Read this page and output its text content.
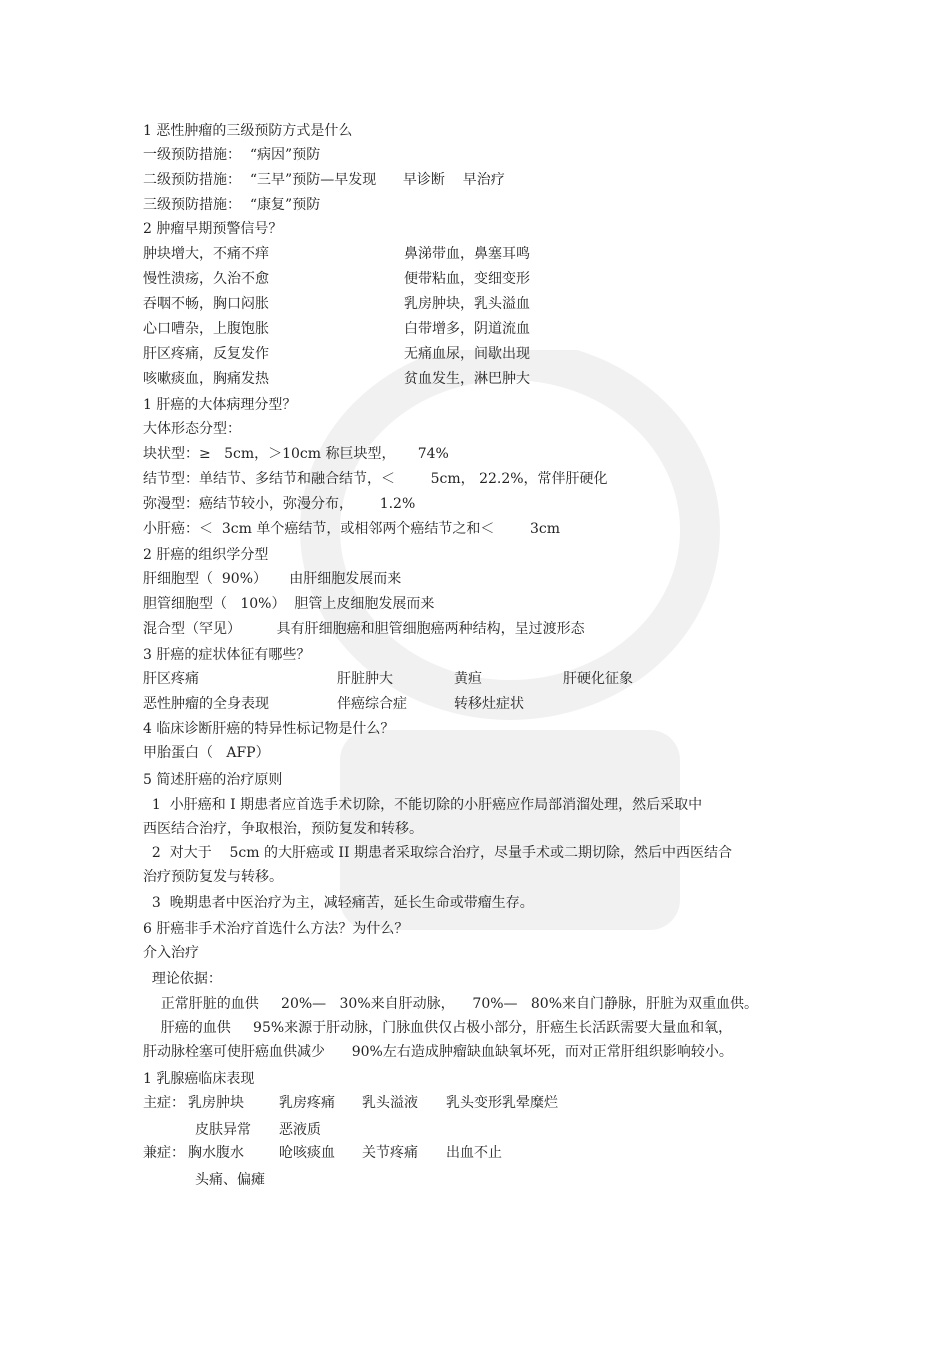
1 恶性肿瘤的三级预防方式是什么
一级预防措施：  “病因”预防
二级预防措施：  “三早”预防—早发现      早诊断    早治疗
三级预防措施：  “康复”预防
2 肿瘤早期预警信号？
肿块增大，不痛不痒	鼻涕带血，鼻塞耳鸣
慢性溃疡，久治不愈	便带粘血，变细变形
吞咽不畅，胸口闷胀	乳房肿块，乳头溢血
心口嘈杂，上腹饱胀	白带增多，阴道流血
肝区疼痛，反复发作	无痛血尿，间歇出现
咳嗽痰血，胸痛发热	贫血发生，淋巴肿大
1 肝癌的大体病理分型？
大体形态分型：
块状型：≥   5cm，＞10cm 称巨块型，     74%
结节型：单结节、多结节和融合结节，＜        5cm， 22.2%，常伴肝硬化
弥漫型：癌结节较小，弥漫分布，      1.2%
小肝癌：＜  3cm 单个癌结节，或相邻两个癌结节之和＜        3cm
2 肝癌的组织学分型
肝细胞型（  90%）     由肝细胞发展而来
胆管细胞型（   10%）  胆管上皮细胞发展而来
混合型（罕见）        具有肝细胞癌和胆管细胞癌两种结构，呈过渡形态
3 肝癌的症状体征有哪些？
肝区疼痛	肝脏肿大	黄疸	肝硬化征象
恶性肿瘤的全身表现	伴癌综合症	转移灶症状
4 临床诊断肝癌的特异性标记物是什么？
甲胎蛋白（   AFP）
5 简述肝癌的治疗原则
1  小肝癌和 I 期患者应首选手术切除，不能切除的小肝癌应作局部消溜处理，然后采取中
西医结合治疗，争取根治，预防复发和转移。
2  对大于    5cm 的大肝癌或 II 期患者采取综合治疗，尽量手术或二期切除，然后中西医结合
治疗预防复发与转移。
3  晚期患者中医治疗为主，减轻痛苦，延长生命或带瘤生存。
6 肝癌非手术治疗首选什么方法？为什么？
介入治疗
理论依据：
正常肝脏的血供     20%—   30%来自肝动脉，    70%—   80%来自门静脉，肝脏为双重血供。
肝癌的血供     95%来源于肝动脉，门脉血供仅占极小部分，肝癌生长活跃需要大量血和氧，
肝动脉栓塞可使肝癌血供减少      90%左右造成肿瘤缺血缺氧坏死，而对正常肝组织影响较小。
1 乳腺癌临床表现
主症： 乳房肿块	乳房疼痛 乳头溢液 乳头变形乳晕糜烂
皮肤异常 恶液质
兼症： 胸水腹水	呛咳痰血 关节疼痛 出血不止
头痛、偏瘫
